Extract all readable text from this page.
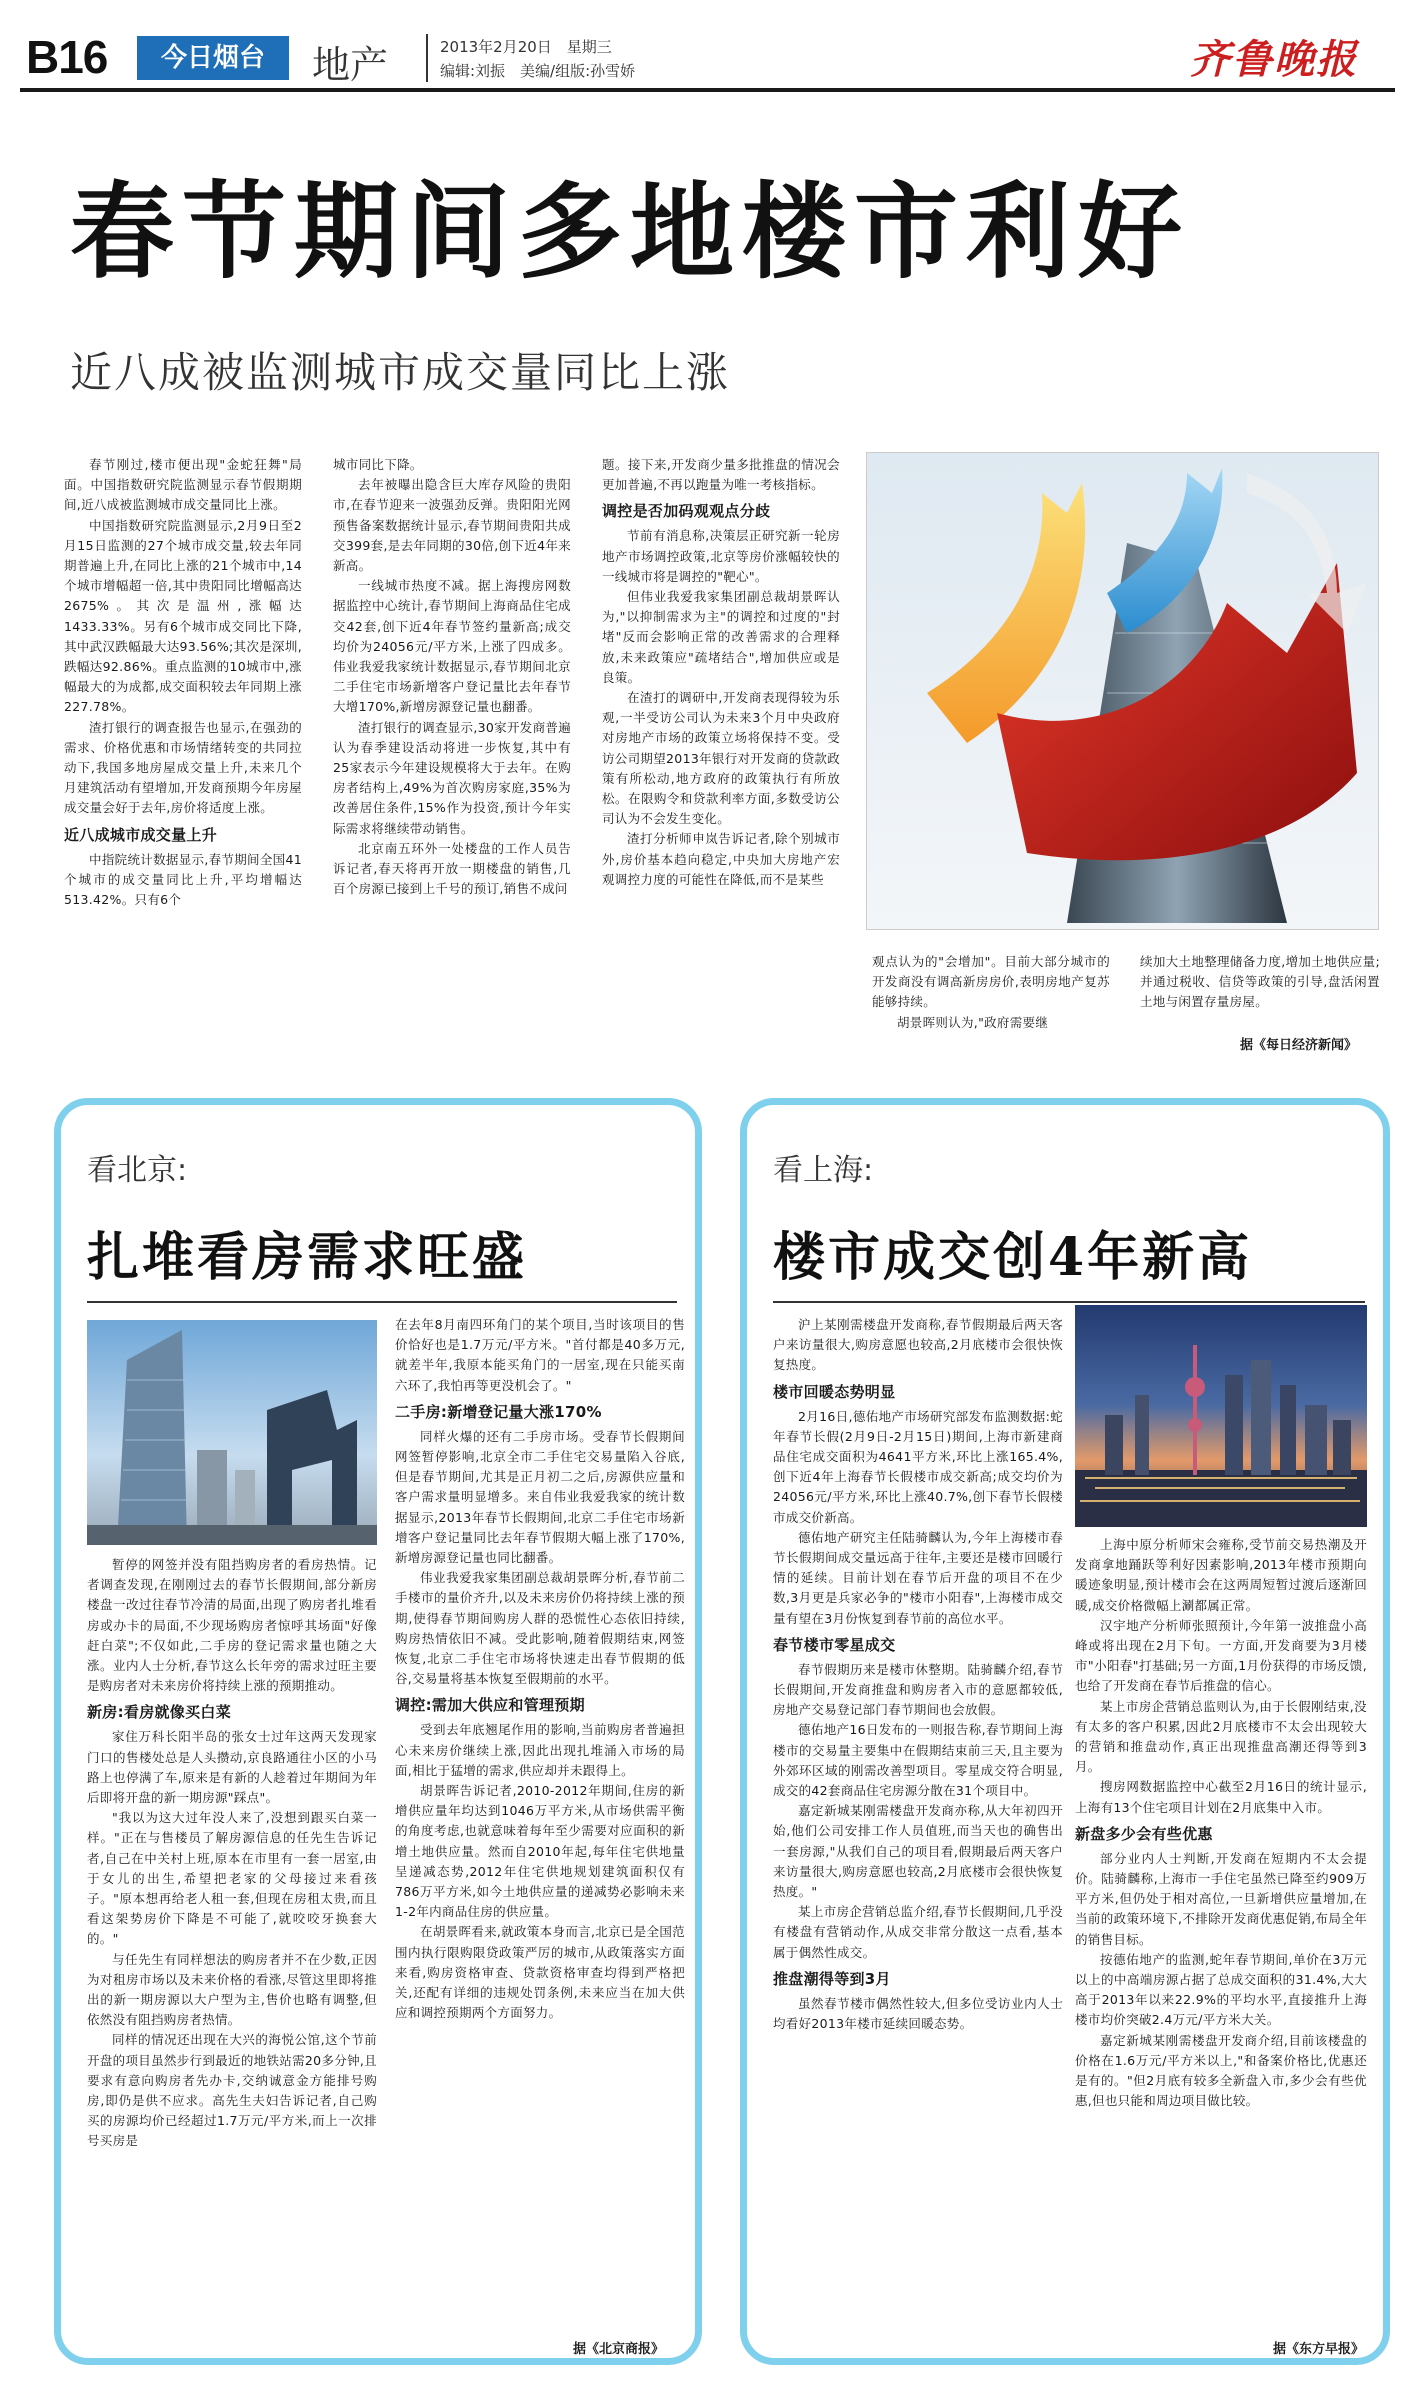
B16	今日烟台	地产	2013年2月20日　星期三
编辑:刘振　美编/组版:孙雪娇	齐鲁晚报
春节期间多地楼市利好
近八成被监测城市成交量同比上涨

春节刚过,楼市便出现"金蛇狂舞"局面。中国指数研究院监测显示春节假期期间,近八成被监测城市成交量同比上涨。

中国指数研究院监测显示,2月9日至2月15日监测的27个城市成交量,较去年同期普遍上升,在同比上涨的21个城市中,14个城市增幅超一倍,其中贵阳同比增幅高达2675%。其次是温州,涨幅达1433.33%。另有6个城市成交同比下降,其中武汉跌幅最大达93.56%;其次是深圳,跌幅达92.86%。重点监测的10城市中,涨幅最大的为成都,成交面积较去年同期上涨227.78%。

渣打银行的调查报告也显示,在强劲的需求、价格优惠和市场情绪转变的共同拉动下,我国多地房屋成交量上升,未来几个月建筑活动有望增加,开发商预期今年房屋成交量会好于去年,房价将适度上涨。

近八成城市成交量上升

中指院统计数据显示,春节期间全国41个城市的成交量同比上升,平均增幅达513.42%。只有6个

城市同比下降。

去年被曝出隐含巨大库存风险的贵阳市,在春节迎来一波强劲反弹。贵阳阳光网预售备案数据统计显示,春节期间贵阳共成交399套,是去年同期的30倍,创下近4年来新高。

一线城市热度不减。据上海搜房网数据监控中心统计,春节期间上海商品住宅成交42套,创下近4年春节签约量新高;成交均价为24056元/平方米,上涨了四成多。伟业我爱我家统计数据显示,春节期间北京二手住宅市场新增客户登记量比去年春节大增170%,新增房源登记量也翻番。

渣打银行的调查显示,30家开发商普遍认为春季建设活动将进一步恢复,其中有25家表示今年建设规模将大于去年。在购房者结构上,49%为首次购房家庭,35%为改善居住条件,15%作为投资,预计今年实际需求将继续带动销售。

北京南五环外一处楼盘的工作人员告诉记者,春天将再开放一期楼盘的销售,几百个房源已接到上千号的预订,销售不成问

题。接下来,开发商少量多批推盘的情况会更加普遍,不再以跑量为唯一考核指标。

调控是否加码观观点分歧

节前有消息称,决策层正研究新一轮房地产市场调控政策,北京等房价涨幅较快的一线城市将是调控的"靶心"。

但伟业我爱我家集团副总裁胡景晖认为,"以抑制需求为主"的调控和过度的"封堵"反而会影响正常的改善需求的合理释放,未来政策应"疏堵结合",增加供应或是良策。

在渣打的调研中,开发商表现得较为乐观,一半受访公司认为未来3个月中央政府对房地产市场的政策立场将保持不变。受访公司期望2013年银行对开发商的贷款政策有所松动,地方政府的政策执行有所放松。在限购令和贷款利率方面,多数受访公司认为不会发生变化。

渣打分析师申岚告诉记者,除个别城市外,房价基本趋向稳定,中央加大房地产宏观调控力度的可能性在降低,而不是某些

观点认为的"会增加"。目前大部分城市的开发商没有调高新房房价,表明房地产复苏能够持续。

胡景晖则认为,"政府需要继

续加大土地整理储备力度,增加土地供应量;并通过税收、信贷等政策的引导,盘活闲置土地与闲置存量房屋。

据《每日经济新闻》
看北京:
扎堆看房需求旺盛

暂停的网签并没有阻挡购房者的看房热情。记者调查发现,在刚刚过去的春节长假期间,部分新房楼盘一改过往春节冷清的局面,出现了购房者扎堆看房或办卡的局面,不少现场购房者惊呼其场面"好像赶白菜";不仅如此,二手房的登记需求量也随之大涨。业内人士分析,春节这么长年旁的需求过旺主要是购房者对未来房价将持续上涨的预期推动。

新房:看房就像买白菜

家住万科长阳半岛的张女士过年这两天发现家门口的售楼处总是人头攒动,京良路通往小区的小马路上也停满了车,原来是有新的人趁着过年期间为年后即将开盘的新一期房源"踩点"。

"我以为这大过年没人来了,没想到跟买白菜一样。"正在与售楼员了解房源信息的任先生告诉记者,自己在中关村上班,原本在市里有一套一居室,由于女儿的出生,希望把老家的父母接过来看孩子。"原本想再给老人租一套,但现在房租太贵,而且看这架势房价下降是不可能了,就咬咬牙换套大的。"

与任先生有同样想法的购房者并不在少数,正因为对租房市场以及未来价格的看涨,尽管这里即将推出的新一期房源以大户型为主,售价也略有调整,但依然没有阻挡购房者热情。

同样的情况还出现在大兴的海悦公馆,这个节前开盘的项目虽然步行到最近的地铁站需20多分钟,且要求有意向购房者先办卡,交纳诚意金方能排号购房,即仍是供不应求。高先生夫妇告诉记者,自己购买的房源均价已经超过1.7万元/平方米,而上一次排号买房是

在去年8月南四环角门的某个项目,当时该项目的售价恰好也是1.7万元/平方米。"首付都是40多万元,就差半年,我原本能买角门的一居室,现在只能买南六环了,我怕再等更没机会了。"

二手房:新增登记量大涨170%

同样火爆的还有二手房市场。受春节长假期间网签暂停影响,北京全市二手住宅交易量陷入谷底,但是春节期间,尤其是正月初二之后,房源供应量和客户需求量明显增多。来自伟业我爱我家的统计数据显示,2013年春节长假期间,北京二手住宅市场新增客户登记量同比去年春节假期大幅上涨了170%,新增房源登记量也同比翻番。

伟业我爱我家集团副总裁胡景晖分析,春节前二手楼市的量价齐升,以及未来房价仍将持续上涨的预期,使得春节期间购房人群的恐慌性心态依旧持续,购房热情依旧不减。受此影响,随着假期结束,网签恢复,北京二手住宅市场将快速走出春节假期的低谷,交易量将基本恢复至假期前的水平。

调控:需加大供应和管理预期

受到去年底翘尾作用的影响,当前购房者普遍担心未来房价继续上涨,因此出现扎堆涌入市场的局面,相比于猛增的需求,供应却并未跟得上。

胡景晖告诉记者,2010-2012年期间,住房的新增供应量年均达到1046万平方米,从市场供需平衡的角度考虑,也就意味着每年至少需要对应面积的新增土地供应量。然而自2010年起,每年住宅供地量呈递减态势,2012年住宅供地规划建筑面积仅有786万平方米,如今土地供应量的递减势必影响未来1-2年内商品住房的供应量。

在胡景晖看来,就政策本身而言,北京已是全国范围内执行限购限贷政策严厉的城市,从政策落实方面来看,购房资格审查、贷款资格审查均得到严格把关,还配有详细的违规处罚条例,未来应当在加大供应和调控预期两个方面努力。

据《北京商报》
看上海:
楼市成交创4年新高

沪上某刚需楼盘开发商称,春节假期最后两天客户来访量很大,购房意愿也较高,2月底楼市会很快恢复热度。

楼市回暖态势明显

2月16日,德佑地产市场研究部发布监测数据:蛇年春节长假(2月9日-2月15日)期间,上海市新建商品住宅成交面积为4641平方米,环比上涨165.4%,创下近4年上海春节长假楼市成交新高;成交均价为24056元/平方米,环比上涨40.7%,创下春节长假楼市成交价新高。

德佑地产研究主任陆骑麟认为,今年上海楼市春节长假期间成交量远高于往年,主要还是楼市回暖行情的延续。目前计划在春节后开盘的项目不在少数,3月更是兵家必争的"楼市小阳春",上海楼市成交量有望在3月份恢复到春节前的高位水平。

春节楼市零星成交

春节假期历来是楼市休整期。陆骑麟介绍,春节长假期间,开发商推盘和购房者入市的意愿都较低,房地产交易登记部门春节期间也会放假。

德佑地产16日发布的一则报告称,春节期间上海楼市的交易量主要集中在假期结束前三天,且主要为外郊环区域的刚需改善型项目。零星成交符合明显,成交的42套商品住宅房源分散在31个项目中。

嘉定新城某刚需楼盘开发商亦称,从大年初四开始,他们公司安排工作人员值班,而当天也的确售出一套房源,"从我们自己的项目看,假期最后两天客户来访量很大,购房意愿也较高,2月底楼市会很快恢复热度。"

某上市房企营销总监介绍,春节长假期间,几乎没有楼盘有营销动作,从成交非常分散这一点看,基本属于偶然性成交。

推盘潮得等到3月

虽然春节楼市偶然性较大,但多位受访业内人士均看好2013年楼市延续回暖态势。

上海中原分析师宋会雍称,受节前交易热潮及开发商拿地踊跃等利好因素影响,2013年楼市预期向暖迹象明显,预计楼市会在这两周短暂过渡后逐渐回暖,成交价格微幅上涮都属正常。

汉宇地产分析师张照预计,今年第一波推盘小高峰或将出现在2月下旬。一方面,开发商要为3月楼市"小阳春"打基础;另一方面,1月份获得的市场反馈,也给了开发商在春节后推盘的信心。

某上市房企营销总监则认为,由于长假刚结束,没有太多的客户积累,因此2月底楼市不太会出现较大的营销和推盘动作,真正出现推盘高潮还得等到3月。

搜房网数据监控中心截至2月16日的统计显示,上海有13个住宅项目计划在2月底集中入市。

新盘多少会有些优惠

部分业内人士判断,开发商在短期内不太会提价。陆骑麟称,上海市一手住宅虽然已降至约909万平方米,但仍处于相对高位,一旦新增供应量增加,在当前的政策环境下,不排除开发商优惠促销,布局全年的销售目标。

按德佑地产的监测,蛇年春节期间,单价在3万元以上的中高端房源占据了总成交面积的31.4%,大大高于2013年以来22.9%的平均水平,直接推升上海楼市均价突破2.4万元/平方米大关。

嘉定新城某刚需楼盘开发商介绍,目前该楼盘的价格在1.6万元/平方米以上,"和备案价格比,优惠还是有的。"但2月底有较多全新盘入市,多少会有些优惠,但也只能和周边项目做比较。

据《东方早报》
